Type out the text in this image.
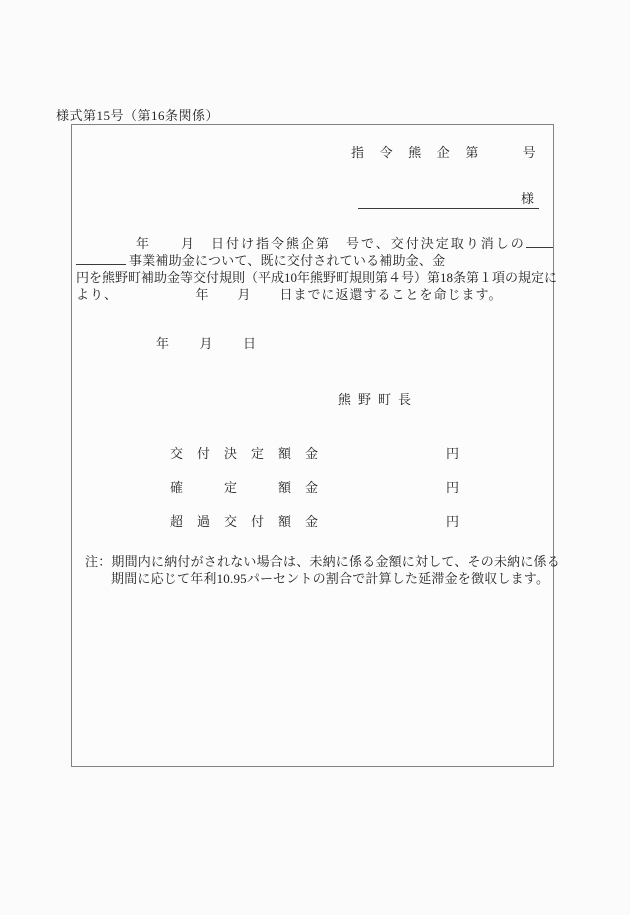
様式第15号（第16条関係）
指　令　熊　企　第　　　号
様
　　　　年　　月　日付け指令熊企第　号で、交付決定取り消しの
事業補助金について、既に交付されている補助金、金
円を熊野町補助金等交付規則（平成10年熊野町規則第４号）第18条第１項の規定に
より、　　　　　　年　　月　　日までに返還することを命じます。
年　　月　　日
熊野町長
交　付　決　定　額　金	円
確　　　定　　　額　金	円
超　過　交　付　額　金	円
注：期間内に納付がされない場合は、未納に係る金額に対して、その未納に係る
期間に応じて年利10.95パーセントの割合で計算した延滞金を徴収します。
